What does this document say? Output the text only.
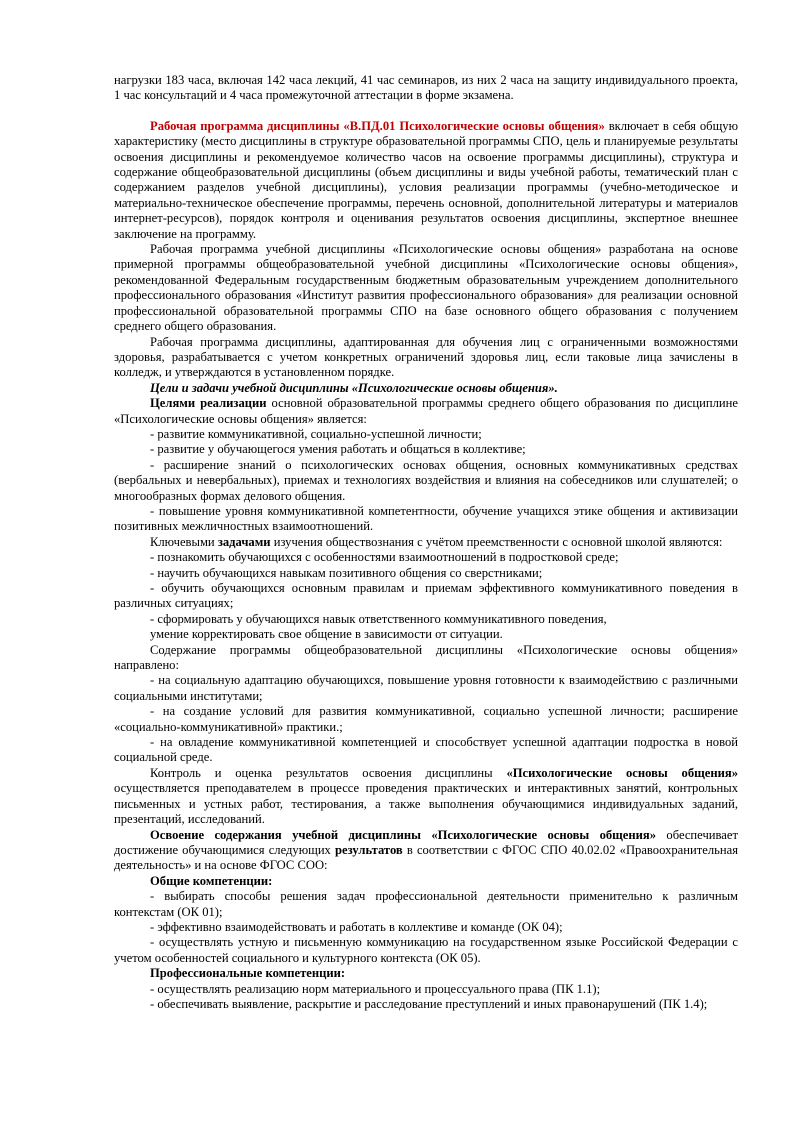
нагрузки 183 часа, включая 142 часа лекций, 41 час семинаров, из них 2 часа на защиту индивидуального проекта, 1 час консультаций и 4 часа промежуточной аттестации в форме экзамена.

Рабочая программа дисциплины «В.ПД.01 Психологические основы общения» включает в себя общую характеристику (место дисциплины в структуре образовательной программы СПО, цель и планируемые результаты освоения дисциплины и рекомендуемое количество часов на освоение программы дисциплины), структура и содержание общеобразовательной дисциплины (объем дисциплины и виды учебной работы, тематический план с содержанием разделов учебной дисциплины), условия реализации программы (учебно-методическое и материально-техническое обеспечение программы, перечень основной, дополнительной литературы и материалов интернет-ресурсов), порядок контроля и оценивания результатов освоения дисциплины, экспертное внешнее заключение на программу.

Рабочая программа учебной дисциплины «Психологические основы общения» разработана на основе примерной программы общеобразовательной учебной дисциплины «Психологические основы общения», рекомендованной Федеральным государственным бюджетным образовательным учреждением дополнительного профессионального образования «Институт развития профессионального образования» для реализации основной профессиональной образовательной программы СПО на базе основного общего образования с получением среднего общего образования.

Рабочая программа дисциплины, адаптированная для обучения лиц с ограниченными возможностями здоровья, разрабатывается с учетом конкретных ограничений здоровья лиц, если таковые лица зачислены в колледж, и утверждаются в установленном порядке.

Цели и задачи учебной дисциплины «Психологические основы общения».

Целями реализации основной образовательной программы среднего общего образования по дисциплине «Психологические основы общения» является:

- развитие коммуникативной, социально-успешной личности;

- развитие у обучающегося умения работать и общаться в коллективе;

- расширение знаний о психологических основах общения, основных коммуникативных средствах (вербальных и невербальных), приемах и технологиях воздействия и влияния на собеседников или слушателей; о многообразных формах делового общения.

- повышение уровня коммуникативной компетентности, обучение учащихся этике общения и активизации позитивных межличностных взаимоотношений.

Ключевыми задачами изучения обществознания с учётом преемственности с основной школой являются:

- познакомить обучающихся с особенностями взаимоотношений в подростковой среде;

- научить обучающихся навыкам позитивного общения со сверстниками;

- обучить обучающихся основным правилам и приемам эффективного коммуникативного поведения в различных ситуациях;

- сформировать у обучающихся навык ответственного коммуникативного поведения,

умение корректировать свое общение в зависимости от ситуации.

Содержание программы общеобразовательной дисциплины «Психологические основы общения» направлено:

- на социальную адаптацию обучающихся, повышение уровня готовности к взаимодействию с различными социальными институтами;

- на создание условий для развития коммуникативной, социально успешной личности; расширение «социально-коммуникативной» практики.;

- на овладение коммуникативной компетенцией и способствует успешной адаптации подростка в новой социальной среде.

Контроль и оценка результатов освоения дисциплины «Психологические основы общения» осуществляется преподавателем в процессе проведения практических и интерактивных занятий, контрольных письменных и устных работ, тестирования, а также выполнения обучающимися индивидуальных заданий, презентаций, исследований.

Освоение содержания учебной дисциплины «Психологические основы общения» обеспечивает достижение обучающимися следующих результатов в соответствии с ФГОС СПО 40.02.02 «Правоохранительная деятельность» и на основе ФГОС СОО:

Общие компетенции:

- выбирать способы решения задач профессиональной деятельности применительно к различным контекстам (ОК 01);

- эффективно взаимодействовать и работать в коллективе и команде (ОК 04);

- осуществлять устную и письменную коммуникацию на государственном языке Российской Федерации с учетом особенностей социального и культурного контекста (ОК 05).

Профессиональные компетенции:

- осуществлять реализацию норм материального и процессуального права (ПК 1.1);

- обеспечивать выявление, раскрытие и расследование преступлений и иных правонарушений (ПК 1.4);
